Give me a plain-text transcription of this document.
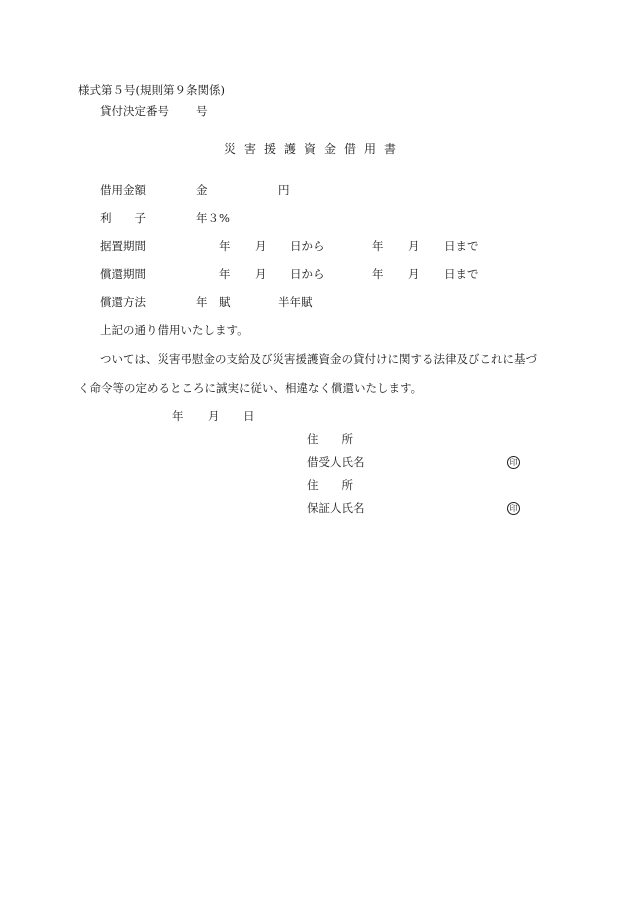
様式第５号(規則第９条関係)
貸付決定番号 号
災害援護資金借用書
借用金額	金	円
利　　子	年３%
据置期間	年 月 日から	年 月 日まで
償還期間	年 月 日から	年 月 日まで
償還方法	年 賦	半年賦
上記の通り借用いたします。
ついては、災害弔慰金の支給及び災害援護資金の貸付けに関する法律及びこれに基づ
く命令等の定めるところに誠実に従い、相違なく償還いたします。
年 月 日
住　　所
借受人氏名	印
住　　所
保証人氏名	印
